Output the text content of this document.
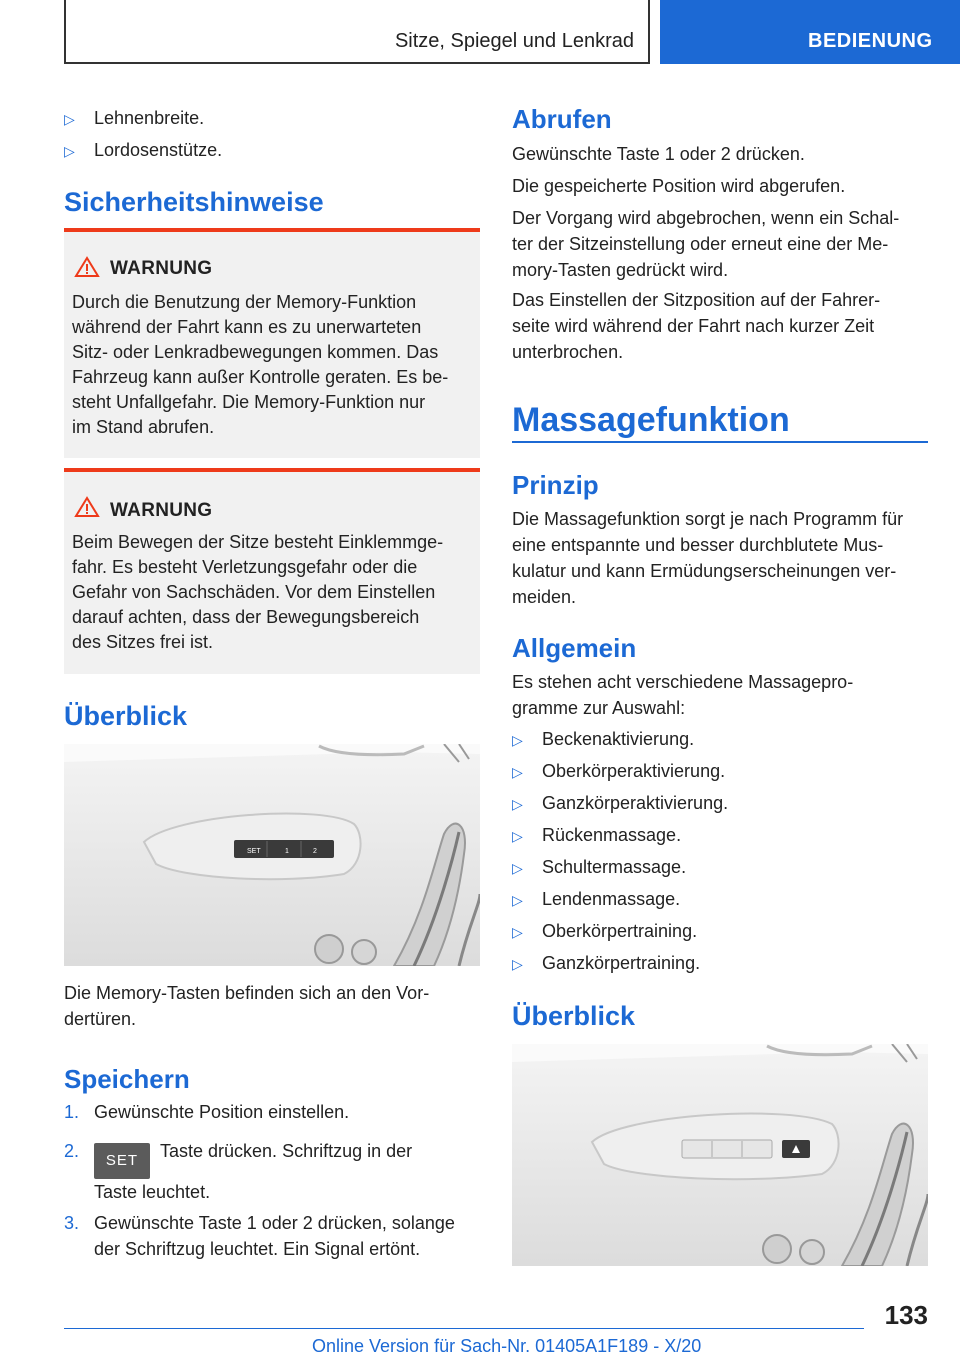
Sitze, Spiegel und Lenkrad	BEDIENUNG
▷ Lehnenbreite.
▷ Lordosenstütze.
Sicherheitshinweise
WARNUNG
Durch die Benutzung der Memory-Funktion
während der Fahrt kann es zu unerwarteten
Sitz- oder Lenkradbewegungen kommen. Das
Fahrzeug kann außer Kontrolle geraten. Es be-
steht Unfallgefahr. Die Memory-Funktion nur
im Stand abrufen.
WARNUNG
Beim Bewegen der Sitze besteht Einklemmge-
fahr. Es besteht Verletzungsgefahr oder die
Gefahr von Sachschäden. Vor dem Einstellen
darauf achten, dass der Bewegungsbereich
des Sitzes frei ist.
Überblick
SET	1	2
Die Memory-Tasten befinden sich an den Vor-
dertüren.
Speichern
1. Gewünschte Position einstellen.
2. SET Taste drücken. Schriftzug in der
Taste leuchtet.
3. Gewünschte Taste 1 oder 2 drücken, solange
der Schriftzug leuchtet. Ein Signal ertönt.
Abrufen
Gewünschte Taste 1 oder 2 drücken.
Die gespeicherte Position wird abgerufen.
Der Vorgang wird abgebrochen, wenn ein Schal-
ter der Sitzeinstellung oder erneut eine der Me-
mory-Tasten gedrückt wird.
Das Einstellen der Sitzposition auf der Fahrer-
seite wird während der Fahrt nach kurzer Zeit
unterbrochen.
Massagefunktion
Prinzip
Die Massagefunktion sorgt je nach Programm für
eine entspannte und besser durchblutete Mus-
kulatur und kann Ermüdungserscheinungen ver-
meiden.
Allgemein
Es stehen acht verschiedene Massagepro-
gramme zur Auswahl:
▷ Beckenaktivierung.
▷ Oberkörperaktivierung.
▷ Ganzkörperaktivierung.
▷ Rückenmassage.
▷ Schultermassage.
▷ Lendenmassage.
▷ Oberkörpertraining.
▷ Ganzkörpertraining.
Überblick
133
Online Version für Sach-Nr. 01405A1F189 - X/20
